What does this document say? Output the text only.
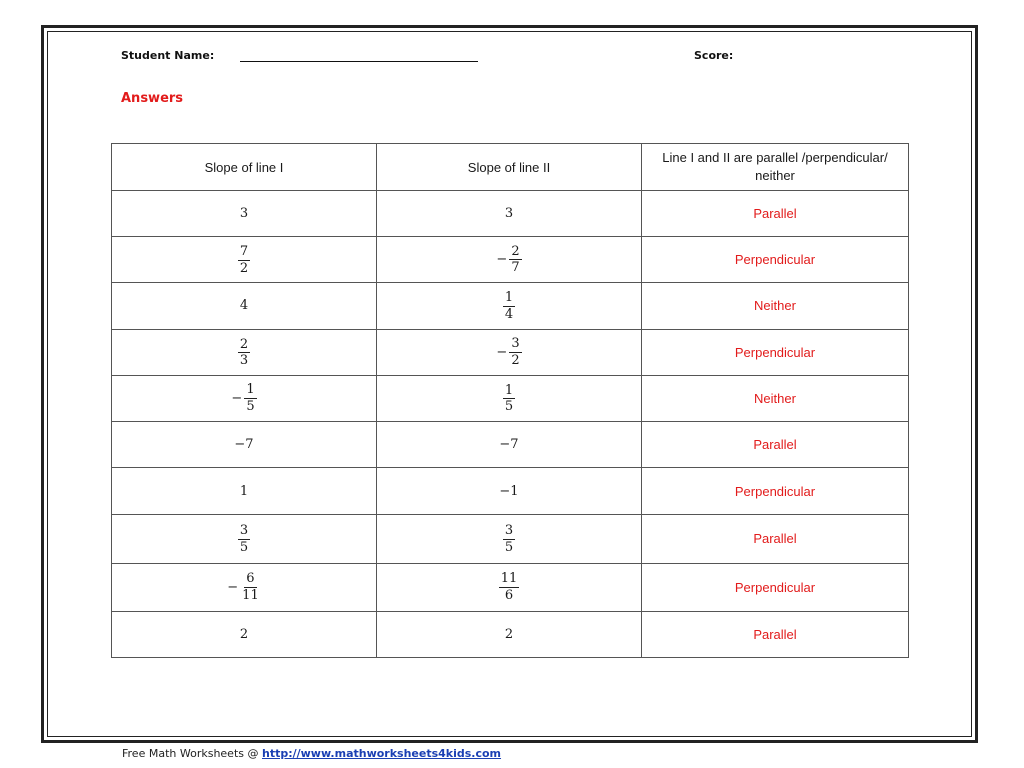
Student Name:	Score:
Answers
Slope of line I	Slope of line II	Line I and II are parallel /perpendicular/ neither

3	3	Parallel

$\frac{7}{2}$	− $\frac{2}{7}$	Perpendicular

4	$\frac{1}{4}$	Neither

$\frac{2}{3}$	− $\frac{3}{2}$	Perpendicular

− $\frac{1}{5}$	$\frac{1}{5}$	Neither

−7	−7	Parallel

1	−1	Perpendicular

$\frac{3}{5}$	$\frac{3}{5}$	Parallel

− $\frac{6}{11}$	$\frac{11}{6}$	Perpendicular

2	2	Parallel
Free Math Worksheets @ http://www.mathworksheets4kids.com
